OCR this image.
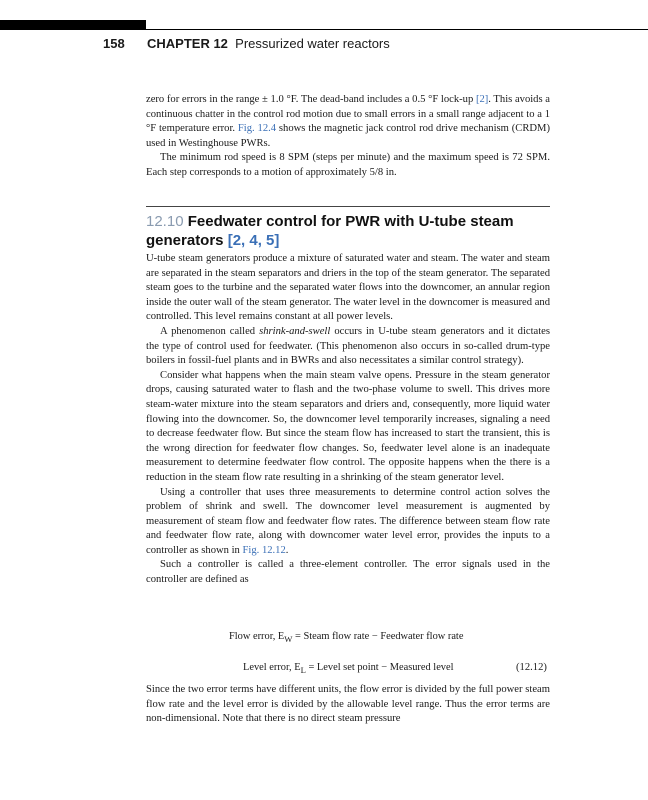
158 CHAPTER 12 Pressurized water reactors

zero for errors in the range ± 1.0 °F. The dead-band includes a 0.5 °F lock-up [2]. This avoids a continuous chatter in the control rod motion due to small errors in a small range adjacent to a 1 °F temperature error. Fig. 12.4 shows the magnetic jack control rod drive mechanism (CRDM) used in Westinghouse PWRs.

The minimum rod speed is 8 SPM (steps per minute) and the maximum speed is 72 SPM. Each step corresponds to a motion of approximately 5/8 in.

12.10 Feedwater control for PWR with U-tube steam generators [2, 4, 5]

U-tube steam generators produce a mixture of saturated water and steam. The water and steam are separated in the steam separators and driers in the top of the steam generator. The separated steam goes to the turbine and the separated water flows into the downcomer, an annular region inside the outer wall of the steam generator. The water level in the downcomer is measured and controlled. This level remains constant at all power levels.

A phenomenon called shrink-and-swell occurs in U-tube steam generators and it dictates the type of control used for feedwater. (This phenomenon also occurs in so-called drum-type boilers in fossil-fuel plants and in BWRs and also necessitates a similar control strategy).

Consider what happens when the main steam valve opens. Pressure in the steam generator drops, causing saturated water to flash and the two-phase volume to swell. This drives more steam-water mixture into the steam separators and driers and, consequently, more liquid water flowing into the downcomer. So, the downcomer level temporarily increases, signaling a need to decrease feedwater flow. But since the steam flow has increased to start the transient, this is the wrong direction for feedwater flow changes. So, feedwater level alone is an inadequate measurement to determine feedwater flow control. The opposite happens when the there is a reduction in the steam flow rate resulting in a shrinking of the steam generator level.

Using a controller that uses three measurements to determine control action solves the problem of shrink and swell. The downcomer level measurement is augmented by measurement of steam flow and feedwater flow rates. The difference between steam flow rate and feedwater flow rate, along with downcomer water level error, provides the inputs to a controller as shown in Fig. 12.12.

Such a controller is called a three-element controller. The error signals used in the controller are defined as

Flow error, $E_W$ = Steam flow rate − Feedwater flow rate
Level error, $E_L$ = Level set point − Measured level	(12.12)

Since the two error terms have different units, the flow error is divided by the full power steam flow rate and the level error is divided by the allowable level range. Thus the error terms are non-dimensional. Note that there is no direct steam pressure
